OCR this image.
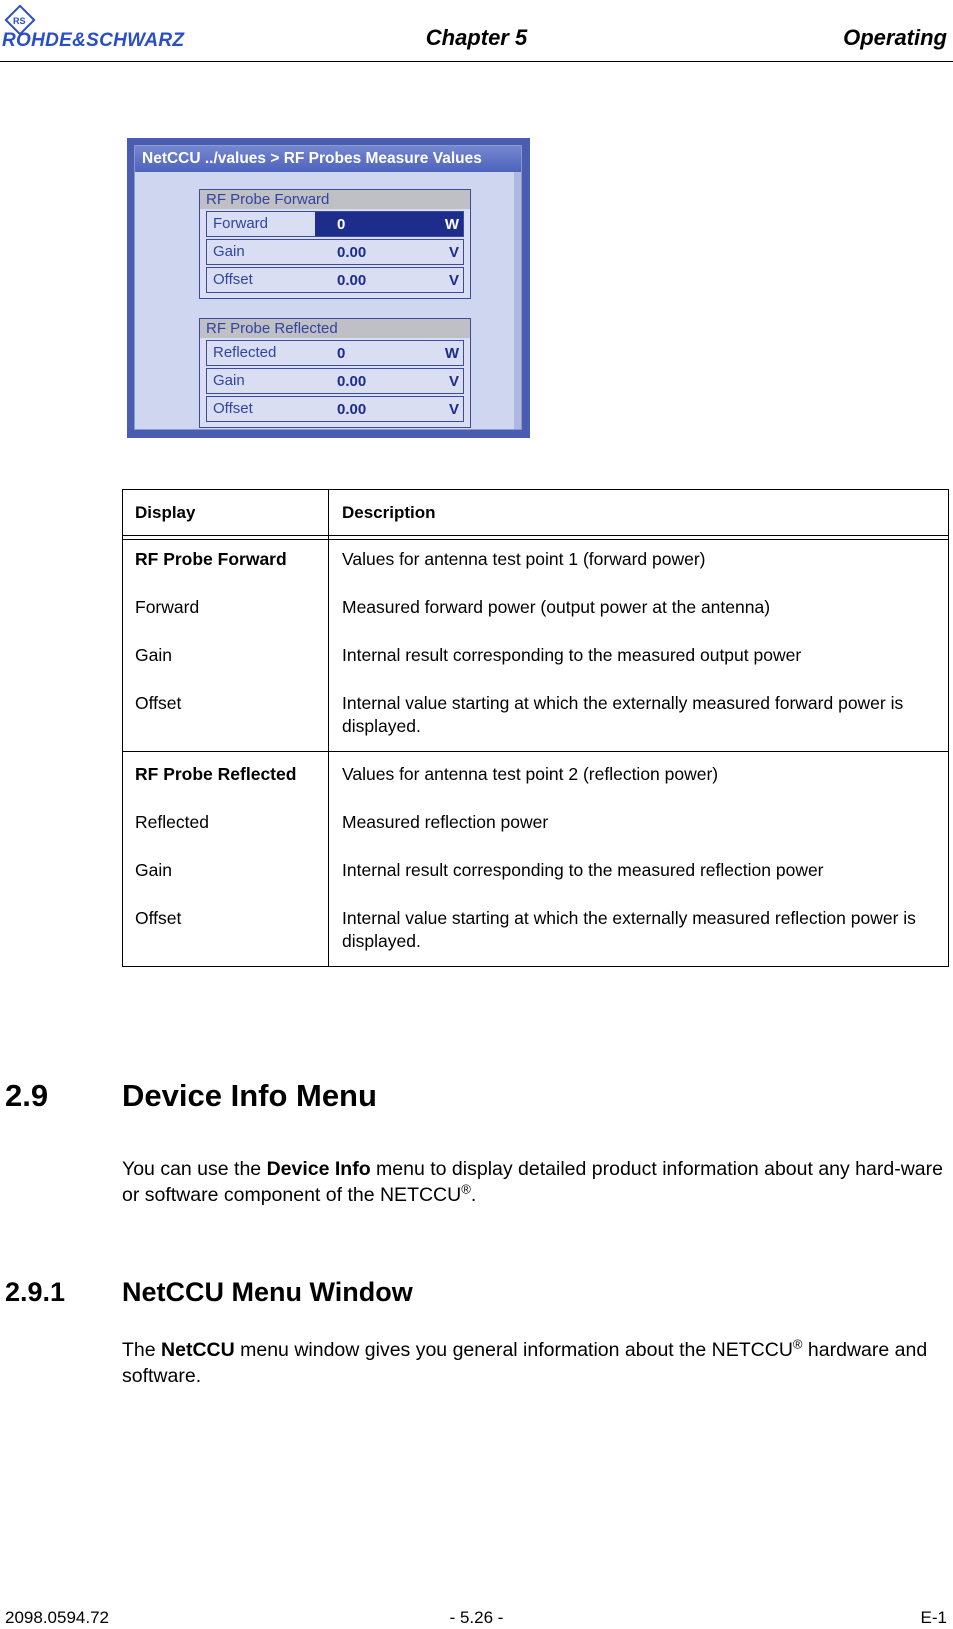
RS
ROHDE&SCHWARZ	Chapter 5	Operating
NetCCU ../values > RF Probes Measure Values
RF Probe Forward
Forward	0	W
Gain	0.00	V
Offset	0.00	V
RF Probe Reflected
Reflected	0	W
Gain	0.00	V
Offset	0.00	V
Display	Description
RF Probe Forward	Values for antenna test point 1 (forward power)
Forward	Measured forward power (output power at the antenna)
Gain	Internal result corresponding to the measured output power
Offset	Internal value starting at which the externally measured forward power is displayed.
RF Probe Reflected	Values for antenna test point 2 (reflection power)
Reflected	Measured reflection power
Gain	Internal result corresponding to the measured reflection power
Offset	Internal value starting at which the externally measured reflection power is displayed.
2.9 Device Info Menu
You can use the Device Info menu to display detailed product information about any hard-ware or software component of the NETCCU®.
2.9.1 NetCCU Menu Window
The NetCCU menu window gives you general information about the NETCCU® hardware and software.
2098.0594.72	- 5.26 -	E-1
